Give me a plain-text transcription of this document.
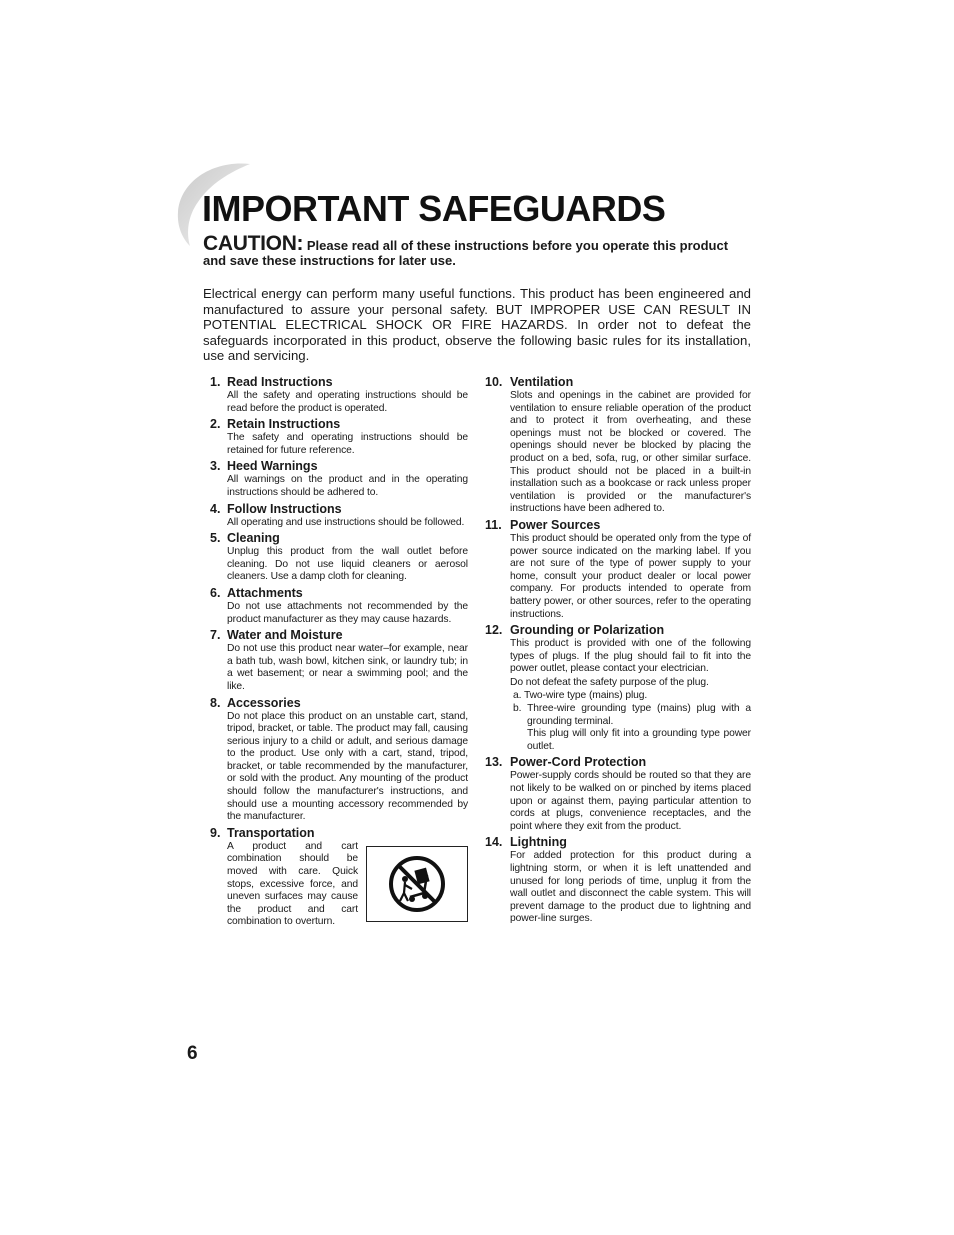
IMPORTANT SAFEGUARDS
CAUTION: Please read all of these instructions before you operate this product and save these instructions for later use.

Electrical energy can perform many useful functions. This product has been engineered and manufactured to assure your personal safety. BUT IMPROPER USE CAN RESULT IN POTENTIAL ELECTRICAL SHOCK OR FIRE HAZARDS. In order not to defeat the safeguards incorporated in this product, observe the following basic rules for its installation, use and servicing.

1. Read Instructions
All the safety and operating instructions should be read before the product is operated.
2. Retain Instructions
The safety and operating instructions should be retained for future reference.
3. Heed Warnings
All warnings on the product and in the operating instructions should be adhered to.
4. Follow Instructions
All operating and use instructions should be followed.
5. Cleaning
Unplug this product from the wall outlet before cleaning. Do not use liquid cleaners or aerosol cleaners. Use a damp cloth for cleaning.
6. Attachments
Do not use attachments not recommended by the product manufacturer as they may cause hazards.
7. Water and Moisture
Do not use this product near water–for example, near a bath tub, wash bowl, kitchen sink, or laundry tub; in a wet basement; or near a swimming pool; and the like.
8. Accessories
Do not place this product on an unstable cart, stand, tripod, bracket, or table. The product may fall, causing serious injury to a child or adult, and serious damage to the product. Use only with a cart, stand, tripod, bracket, or table recommended by the manufacturer, or sold with the product. Any mounting of the product should follow the manufacturer's instructions, and should use a mounting accessory recommended by the manufacturer.
9. Transportation
A product and cart combination should be moved with care. Quick stops, excessive force, and uneven surfaces may cause the product and cart combination to overturn.
10. Ventilation
Slots and openings in the cabinet are provided for ventilation to ensure reliable operation of the product and to protect it from overheating, and these openings must not be blocked or covered. The openings should never be blocked by placing the product on a bed, sofa, rug, or other similar surface. This product should not be placed in a built-in installation such as a bookcase or rack unless proper ventilation is provided or the manufacturer's instructions have been adhered to.
11. Power Sources
This product should be operated only from the type of power source indicated on the marking label. If you are not sure of the type of power supply to your home, consult your product dealer or local power company. For products intended to operate from battery power, or other sources, refer to the operating instructions.
12. Grounding or Polarization
This product is provided with one of the following types of plugs. If the plug should fail to fit into the power outlet, please contact your electrician.
Do not defeat the safety purpose of the plug.
a. Two-wire type (mains) plug.
b. Three-wire grounding type (mains) plug with a grounding terminal.
This plug will only fit into a grounding type power outlet.
13. Power-Cord Protection
Power-supply cords should be routed so that they are not likely to be walked on or pinched by items placed upon or against them, paying particular attention to cords at plugs, convenience receptacles, and the point where they exit from the product.
14. Lightning
For added protection for this product during a lightning storm, or when it is left unattended and unused for long periods of time, unplug it from the wall outlet and disconnect the cable system. This will prevent damage to the product due to lightning and power-line surges.
6
